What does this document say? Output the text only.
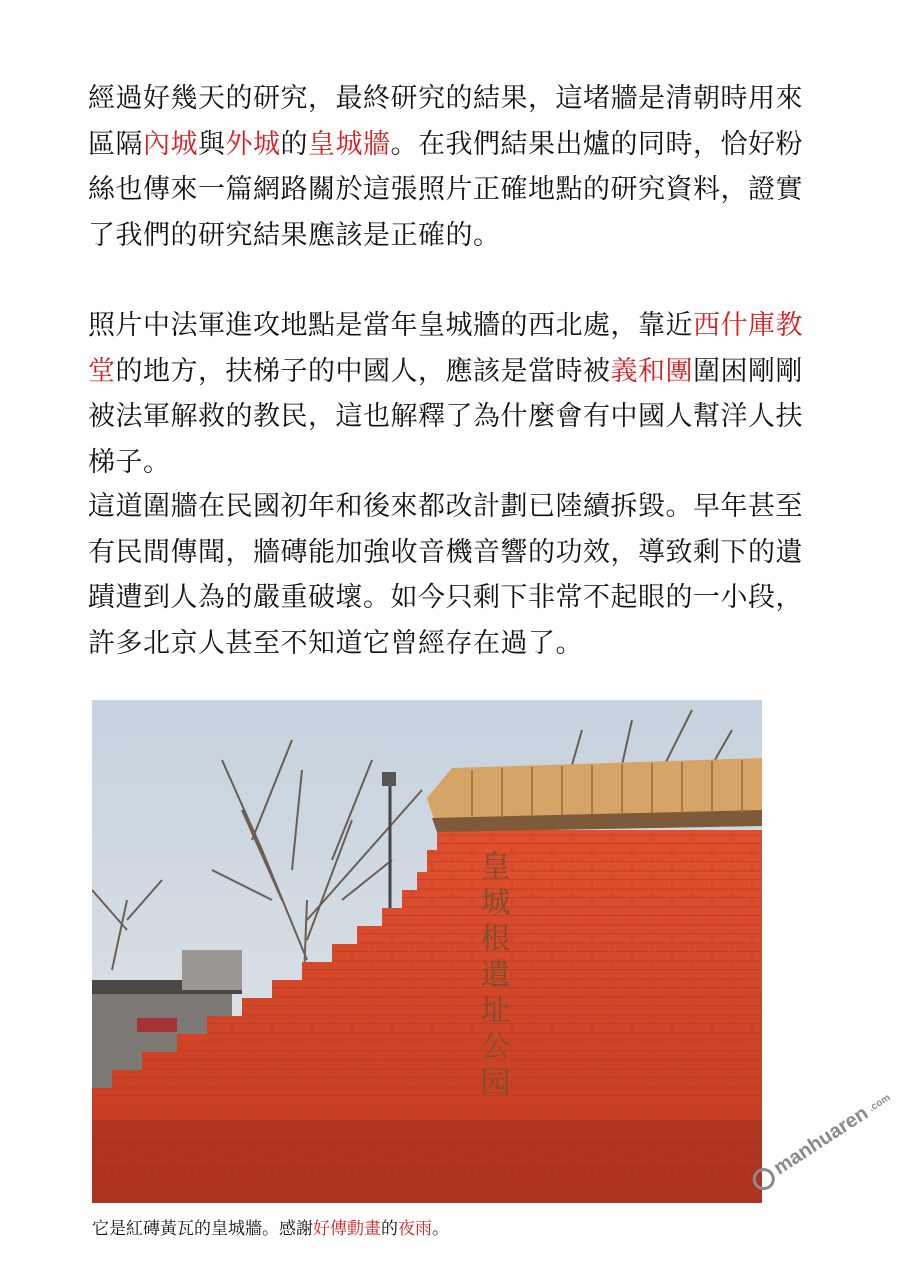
經過好幾天的研究，最終研究的結果，這堵牆是清朝時用來區隔內城與外城的皇城牆。在我們結果出爐的同時，恰好粉絲也傳來一篇網路關於這張照片正確地點的研究資料，證實了我們的研究結果應該是正確的。

照片中法軍進攻地點是當年皇城牆的西北處，靠近西什庫教堂的地方，扶梯子的中國人，應該是當時被義和團圍困剛剛被法軍解救的教民，這也解釋了為什麼會有中國人幫洋人扶梯子。

這道圍牆在民國初年和後來都改計劃已陸續拆毀。早年甚至有民間傳聞，牆磚能加強收音機音響的功效，導致剩下的遺蹟遭到人為的嚴重破壞。如今只剩下非常不起眼的一小段，許多北京人甚至不知道它曾經存在過了。

皇城根遺址公园
它是紅磚黃瓦的皇城牆。感謝好傳動畫的夜雨。
manhuaren
.com
